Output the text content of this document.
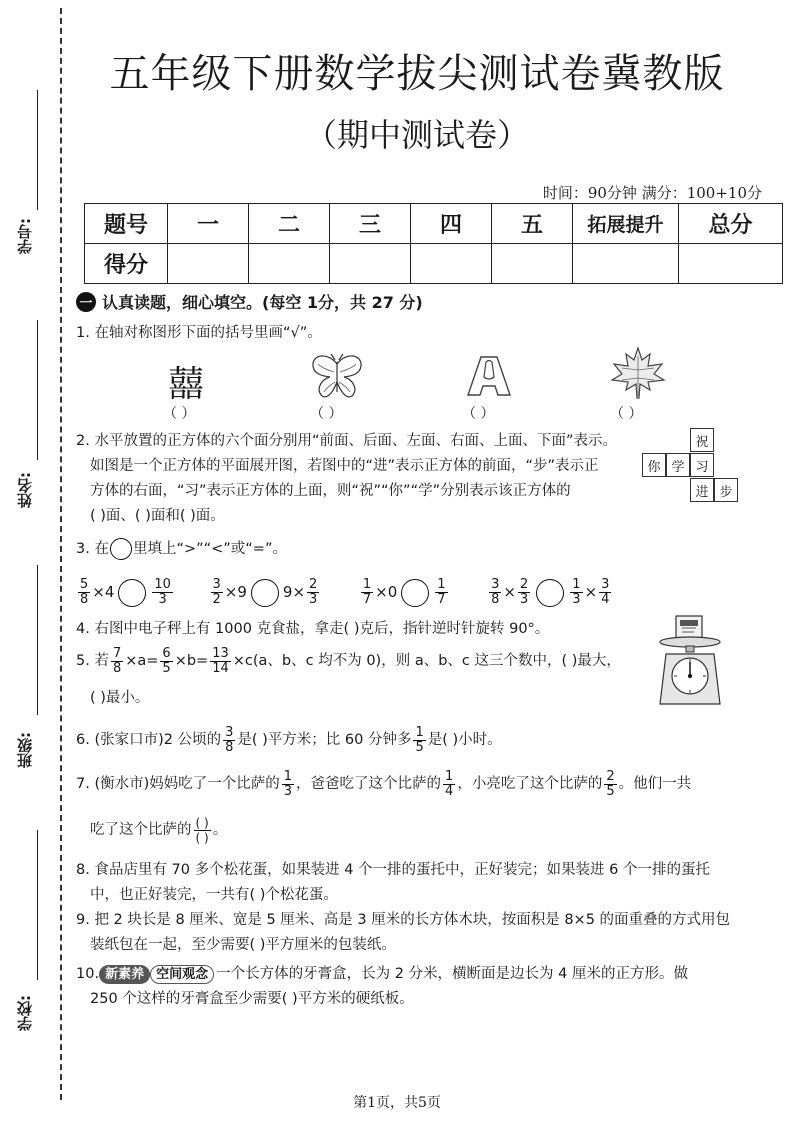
学号:
姓名:
班级:
学校:
五年级下册数学拔尖测试卷冀教版
（期中测试卷）
时间：90分钟 满分：100+10分
题号	一	二	三	四	五	拓展提升	总分
得分							
一 认真读题，细心填空。(每空 1分，共 27 分)
1. 在轴对称图形下面的括号里画“√”。
囍
（ ）	（ ）	（ ）	（ ）
2. 水平放置的正方体的六个面分别用“前面、后面、左面、右面、上面、下面”表示。
如图是一个正方体的平面展开图，若图中的“进”表示正方体的前面，“步”表示正
方体的右面，“习”表示正方体的上面，则“祝”“你”“学”分别表示该正方体的
( )面、( )面和( )面。
祝
你 学 习
进 步
3. 在 里填上“>”“<”或“=”。
$\frac{5}{8} \times 4$	$\frac{10}{3}$
	$\frac{3}{2} \times 9$ $9\times \frac{2}{3}$
	$\frac{1}{7} \times 0$	$\frac{1}{7}$
	$\frac{3}{8} \times \frac{2}{3}$	$\frac{1}{3} \times \frac{3}{4}$
4. 右图中电子秤上有 1000 克食盐，拿走( )克后，指针逆时针旋转 90°。
5. 若 $\frac{7}{8} \times a= \frac{6}{5} \times b= \frac{13}{14} \times c(a$、b、c 均不为 0)，则 a、b、c 这三个数中，( )最大，
( )最小。
6. (张家口市)2 公顷的 $\frac{3}{8}$ 是( )平方米；比 60 分钟多 $\frac{1}{5}$ 是( )小时。
7. (衡水市)妈妈吃了一个比萨的 $\frac{1}{3}$ ，爸爸吃了这个比萨的 $\frac{1}{4}$ ，小亮吃了这个比萨的 $\frac{2}{5}$ 。他们一共
吃了这个比萨的 $\frac{( )}{( )}$ 。
8. 食品店里有 70 多个松花蛋，如果装进 4 个一排的蛋托中，正好装完；如果装进 6 个一排的蛋托
中，也正好装完，一共有( )个松花蛋。
9. 把 2 块长是 8 厘米、宽是 5 厘米、高是 3 厘米的长方体木块，按面积是 8×5 的面重叠的方式用包
装纸包在一起，至少需要( )平方厘米的包装纸。
10. 新素养 空间观念 一个长方体的牙膏盒，长为 2 分米，横断面是边长为 4 厘米的正方形。做
250 个这样的牙膏盒至少需要( )平方米的硬纸板。
第1页，共5页
